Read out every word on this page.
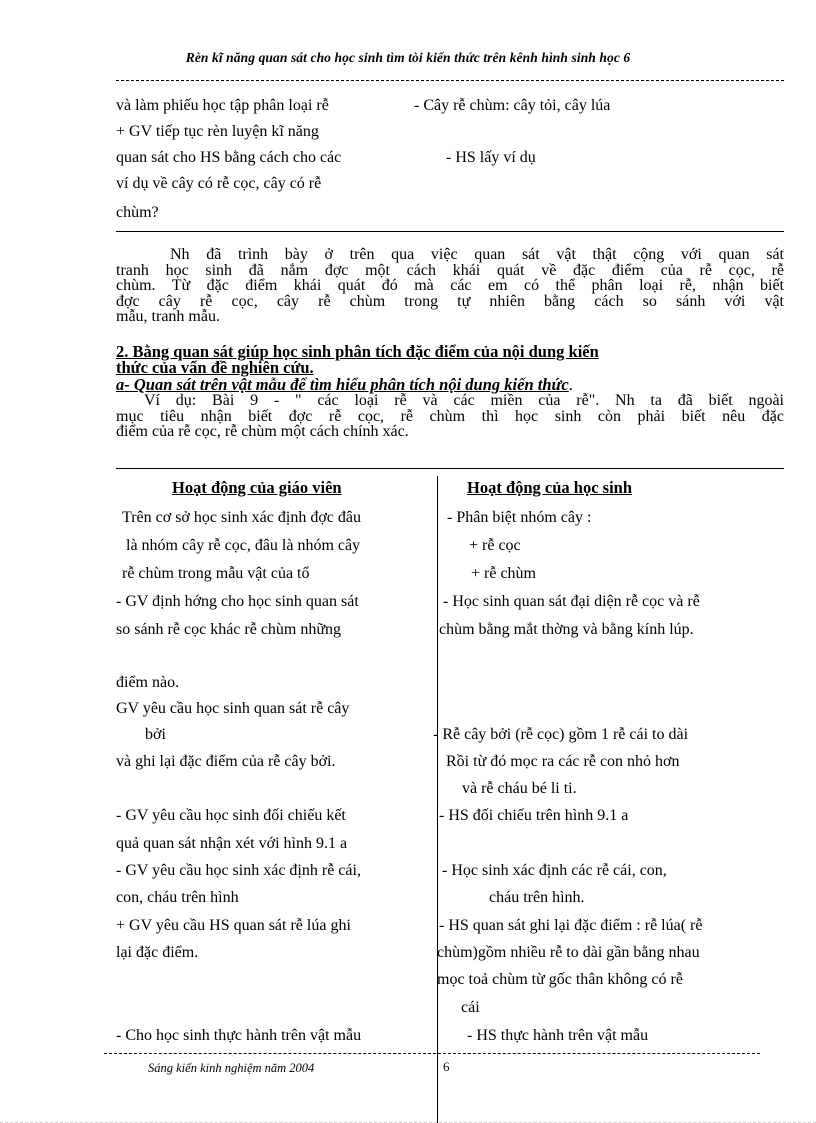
Rèn kĩ năng quan sát cho học sinh tìm tòi kiến thức trên kênh hình sinh học 6
và làm phiếu học tập phân loại rễ
+ GV tiếp tục rèn luyện kĩ năng
quan sát cho HS bằng cách cho các
ví dụ về cây có rễ cọc, cây có rễ
chùm?
- Cây rễ chùm: cây tỏi, cây lúa
- HS lấy ví dụ
Nh đã trình bày ở trên qua việc quan sát vật thật cộng với quan sát
tranh học sinh đã nắm đợc một cách khái quát về đặc điểm của rễ cọc, rễ
chùm. Từ đặc điểm khái quát đó mà các em có thể phân loại rễ, nhận biết
đợc cây rễ cọc, cây rễ chùm trong tự nhiên bằng cách so sánh với vật
mẫu, tranh mẫu.
2. Bằng quan sát giúp học sinh phân tích đặc điểm của nội dung kiến
thức của vấn đề nghiên cứu.
a- Quan sát trên vật mẫu để tìm hiểu phân tích nội dung kiến thức.
Ví dụ: Bài 9 - " các loại rễ và các miền của rễ". Nh ta đã biết ngoài
mục tiêu nhận biết đợc rễ cọc, rễ chùm thì học sinh còn phải biết nêu đặc
điểm của rễ cọc, rễ chùm một cách chính xác.
Hoạt động của giáo viên	Hoạt động của học sinh
Trên cơ sở học sinh xác định đợc đâu
là nhóm cây rễ cọc, đâu là nhóm cây
rễ chùm trong mẫu vật của tổ
- GV định hớng cho học sinh quan sát
so sánh rễ cọc khác rễ chùm những
điểm nào.
GV yêu cầu học sinh quan sát rễ cây
bởi
và ghi lại đặc điểm của rễ cây bởi.
- GV yêu cầu học sinh đối chiếu kết
quả quan sát nhận xét với hình 9.1 a
- GV yêu cầu học sinh xác định rễ cái,
con, cháu trên hình
+ GV yêu cầu HS quan sát rễ lúa ghi
lại đặc điểm.
- Cho học sinh thực hành trên vật mẫu
- Phân biệt nhóm cây :
+ rễ cọc
+ rễ chùm
- Học sinh quan sát đại diện rễ cọc và rễ
chùm bằng mắt thờng và bằng kính lúp.
- Rễ cây bởi (rễ cọc) gồm 1 rễ cái to dài
Rồi từ đó mọc ra các rễ con nhỏ hơn
và rễ cháu bé li ti.
- HS đối chiếu trên hình 9.1 a
- Học sinh xác định các rễ cái, con,
cháu trên hình.
- HS quan sát ghi lại đặc điểm : rễ lúa( rễ
chùm)gồm nhiều rễ to dài gần bằng nhau
mọc toả chùm từ gốc thân không có rễ
cái
- HS thực hành trên vật mẫu
Sáng kiến kinh nghiệm năm 2004	6
